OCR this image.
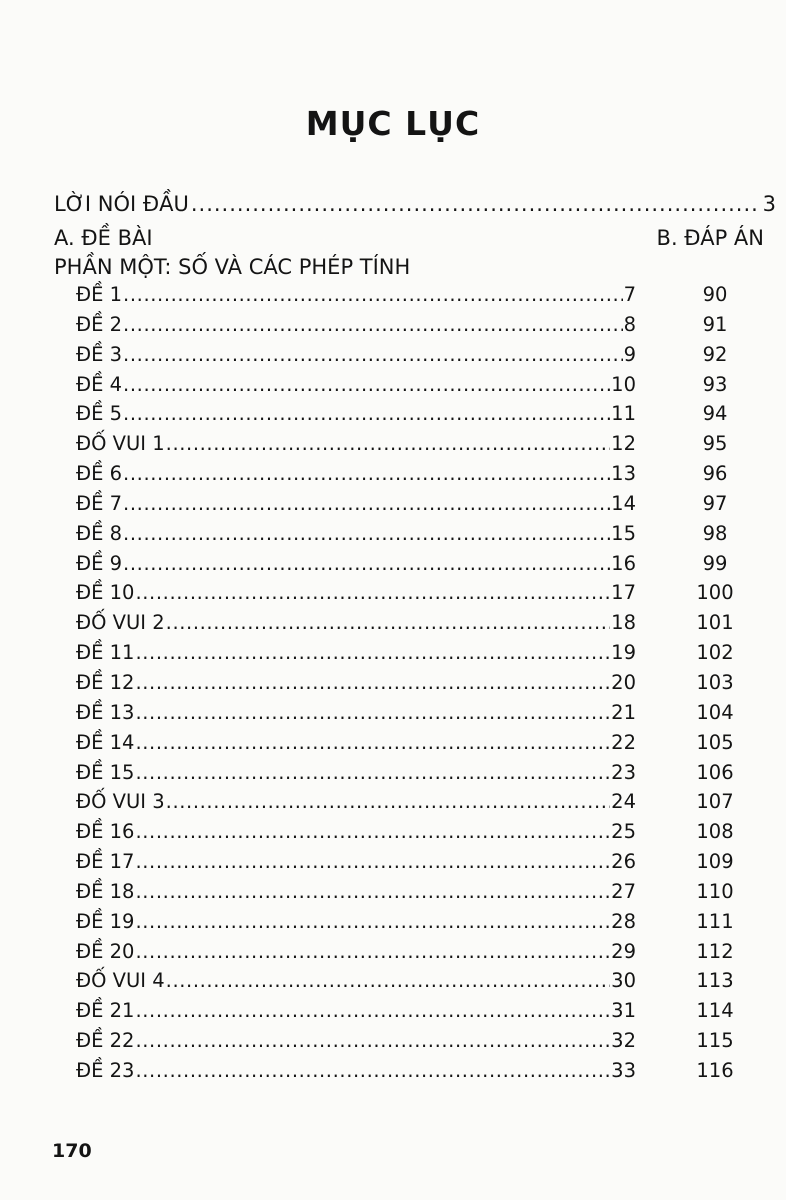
MỤC LỤC
LỜI NÓI ĐẦU .....	3
A. ĐỀ BÀI	B. ĐÁP ÁN
PHẦN MỘT: SỐ VÀ CÁC PHÉP TÍNH
ĐỀ 1 .....	7	90
ĐỀ 2 .....	8	91
ĐỀ 3 .....	9	92
ĐỀ 4 .....	10	93
ĐỀ 5 .....	11	94
ĐỐ VUI 1 .....	12	95
ĐỀ 6 .....	13	96
ĐỀ 7 .....	14	97
ĐỀ 8 .....	15	98
ĐỀ 9 .....	16	99
ĐỀ 10 .....	17	100
ĐỐ VUI 2 .....	18	101
ĐỀ 11 .....	19	102
ĐỀ 12 .....	20	103
ĐỀ 13 .....	21	104
ĐỀ 14 .....	22	105
ĐỀ 15 .....	23	106
ĐỐ VUI 3 .....	24	107
ĐỀ 16 .....	25	108
ĐỀ 17 .....	26	109
ĐỀ 18 .....	27	110
ĐỀ 19 .....	28	111
ĐỀ 20 .....	29	112
ĐỐ VUI 4 .....	30	113
ĐỀ 21 .....	31	114
ĐỀ 22 .....	32	115
ĐỀ 23 .....	33	116
170
